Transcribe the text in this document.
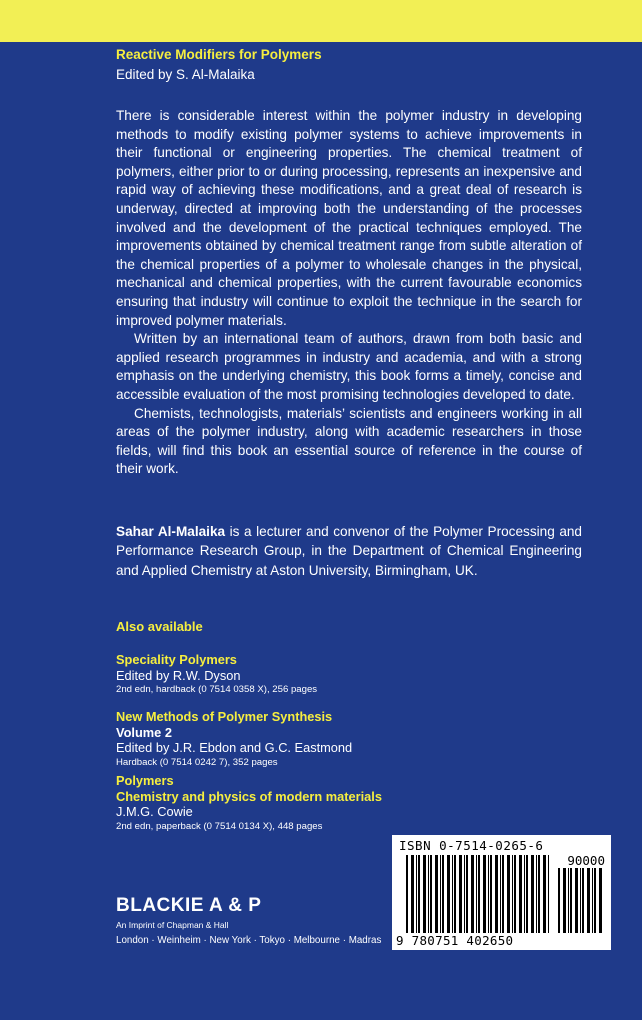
Reactive Modifiers for Polymers
Edited by S. Al-Malaika

There is considerable interest within the polymer industry in developing methods to modify existing polymer systems to achieve improvements in their functional or engineering properties. The chemical treatment of polymers, either prior to or during processing, represents an inexpensive and rapid way of achieving these modifications, and a great deal of research is underway, directed at improving both the understanding of the processes involved and the development of the practical techniques employed. The improvements obtained by chemical treatment range from subtle alteration of the chemical properties of a polymer to wholesale changes in the physical, mechanical and chemical properties, with the current favourable economics ensuring that industry will continue to exploit the technique in the search for improved polymer materials.

Written by an international team of authors, drawn from both basic and applied research programmes in industry and academia, and with a strong emphasis on the underlying chemistry, this book forms a timely, concise and accessible evaluation of the most promising technologies developed to date.

Chemists, technologists, materials’ scientists and engineers working in all areas of the polymer industry, along with academic researchers in those fields, will find this book an essential source of reference in the course of their work.

Sahar Al-Malaika is a lecturer and convenor of the Polymer Processing and Performance Research Group, in the Department of Chemical Engineering and Applied Chemistry at Aston University, Birmingham, UK.

Also available
Speciality Polymers
Edited by R.W. Dyson
2nd edn, hardback (0 7514 0358 X), 256 pages
New Methods of Polymer Synthesis
Volume 2
Edited by J.R. Ebdon and G.C. Eastmond
Hardback (0 7514 0242 7), 352 pages
Polymers
Chemistry and physics of modern materials
J.M.G. Cowie
2nd edn, paperback (0 7514 0134 X), 448 pages
BLACKIE A & P
An Imprint of Chapman & Hall
London · Weinheim · New York · Tokyo · Melbourne · Madras
ISBN 0-7514-0265-6
90000
9 780751 402650
